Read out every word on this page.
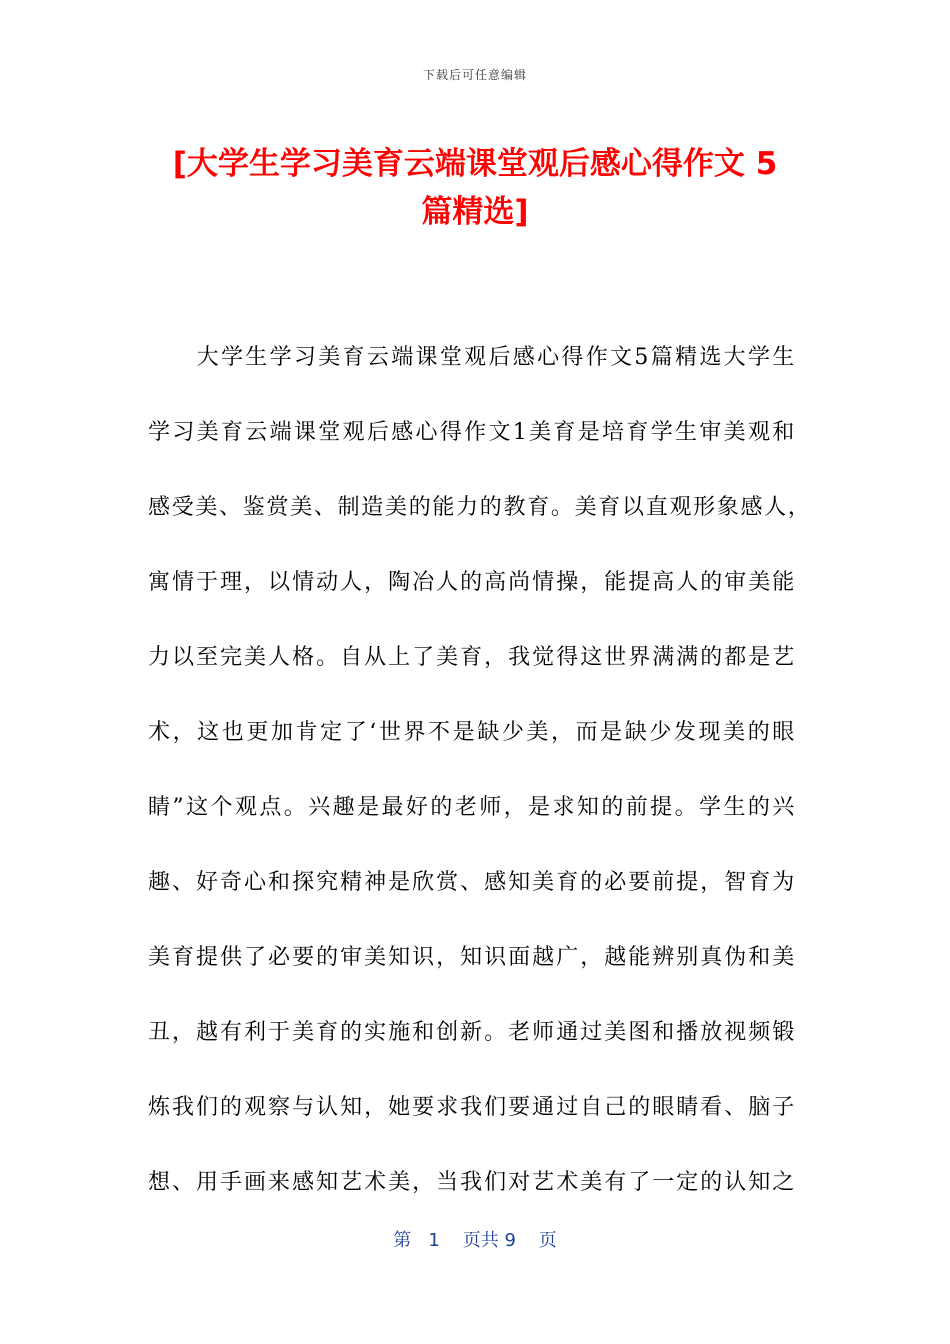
下载后可任意编辑
[大学生学习美育云端课堂观后感心得作文 5
篇精选]
　　大学生学习美育云端课堂观后感心得作文5篇精选大学生
学习美育云端课堂观后感心得作文1美育是培育学生审美观和
感受美、鉴赏美、制造美的能力的教育。美育以直观形象感人，
寓情于理，以情动人，陶冶人的高尚情操，能提高人的审美能
力以至完美人格。自从上了美育，我觉得这世界满满的都是艺
术，这也更加肯定了‘世界不是缺少美，而是缺少发现美的眼
睛”这个观点。兴趣是最好的老师，是求知的前提。学生的兴
趣、好奇心和探究精神是欣赏、感知美育的必要前提，智育为
美育提供了必要的审美知识，知识面越广，越能辨别真伪和美
丑，越有利于美育的实施和创新。老师通过美图和播放视频锻
炼我们的观察与认知，她要求我们要通过自己的眼睛看、脑子
想、用手画来感知艺术美，当我们对艺术美有了一定的认知之
第 1 页共 9 页
